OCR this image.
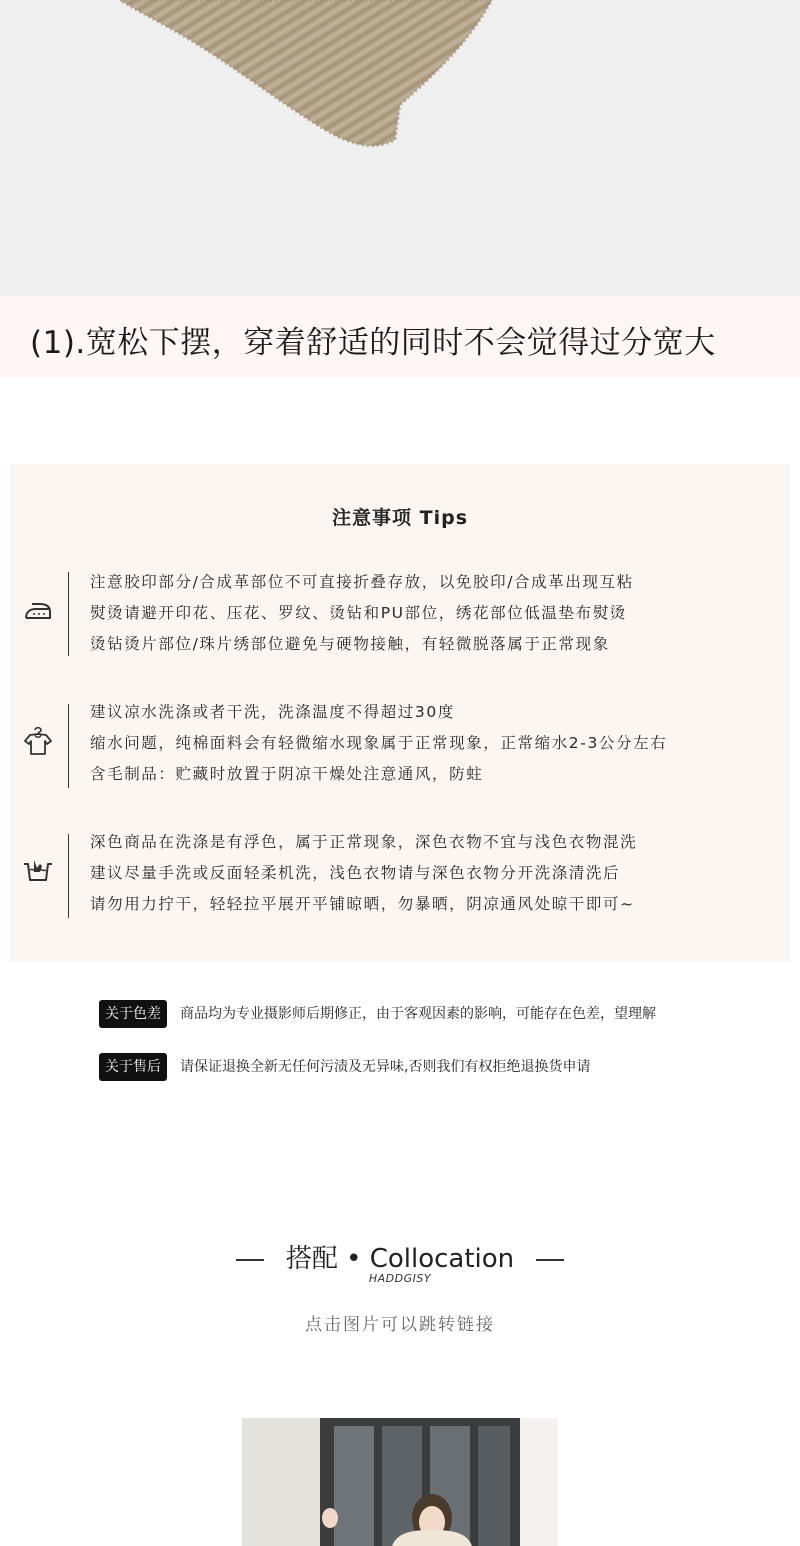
(1).宽松下摆，穿着舒适的同时不会觉得过分宽大
注意事项 Tips
注意胶印部分/合成革部位不可直接折叠存放，以免胶印/合成革出现互粘
熨烫请避开印花、压花、罗纹、烫钻和PU部位，绣花部位低温垫布熨烫
烫钻烫片部位/珠片绣部位避免与硬物接触，有轻微脱落属于正常现象
建议凉水洗涤或者干洗，洗涤温度不得超过30度
缩水问题，纯棉面料会有轻微缩水现象属于正常现象，正常缩水2-3公分左右
含毛制品：贮藏时放置于阴凉干燥处注意通风，防蛀
深色商品在洗涤是有浮色，属于正常现象，深色衣物不宜与浅色衣物混洗
建议尽量手洗或反面轻柔机洗，浅色衣物请与深色衣物分开洗涤清洗后
请勿用力拧干，轻轻拉平展开平铺晾晒，勿暴晒，阴凉通风处晾干即可~
关于色差	商品均为专业摄影师后期修正，由于客观因素的影响，可能存在色差，望理解
关于售后	请保证退换全新无任何污渍及无异味,否则我们有权拒绝退换货申请
搭配 • Collocation
HADDGISY
点击图片可以跳转链接
